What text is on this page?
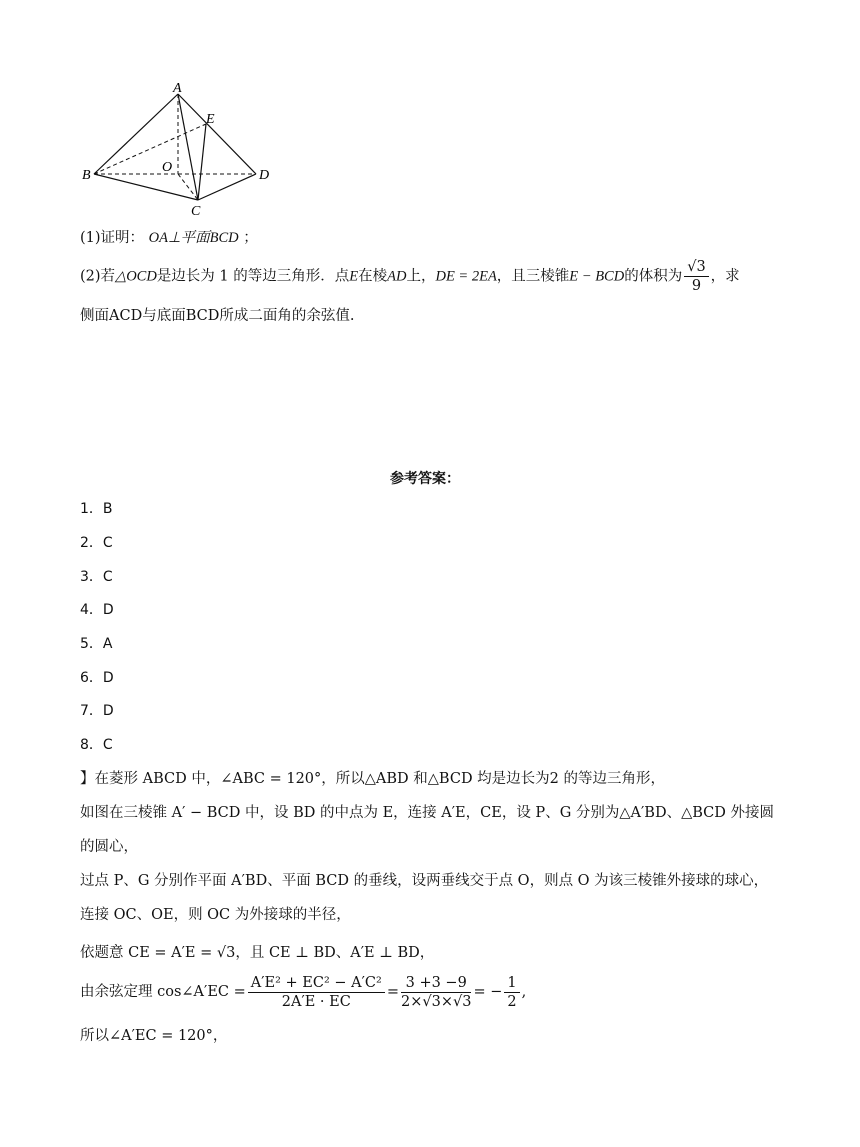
A
E
O
B	D
C
(1)证明： OA⊥平面BCD ；
(2)若△OCD是边长为 1 的等边三角形．点E在棱AD上，DE = 2EA，且三棱锥E − BCD的体积为 $\frac{√3}{9}$ ，求
侧面ACD与底面BCD所成二面角的余弦值.
参考答案：
1．B
2．C
3．C
4．D
5．A
6．D
7．D
8．C
】在菱形 ABCD 中，∠ABC = 120°，所以△ABD 和△BCD 均是边长为2 的等边三角形，
如图在三棱锥 A′ − BCD 中，设 BD 的中点为 E，连接 A′E，CE，设 P、G 分别为△A′BD、△BCD 外接圆
的圆心，
过点 P、G 分别作平面 A′BD、平面 BCD 的垂线，设两垂线交于点 O，则点 O 为该三棱锥外接球的球心，
连接 OC、OE，则 OC 为外接球的半径，
依题意 CE = A′E = √3，且 CE ⊥ BD、A′E ⊥ BD，
由余弦定理 cos∠A′EC = $\frac{\text{A′E² + EC² − A′C²}}{2A'E \cdot EC} = \frac{3 +3 -9}{2\times√3\times√3}$ = − $\frac{1}{2}$ ,
所以∠A′EC = 120°，
